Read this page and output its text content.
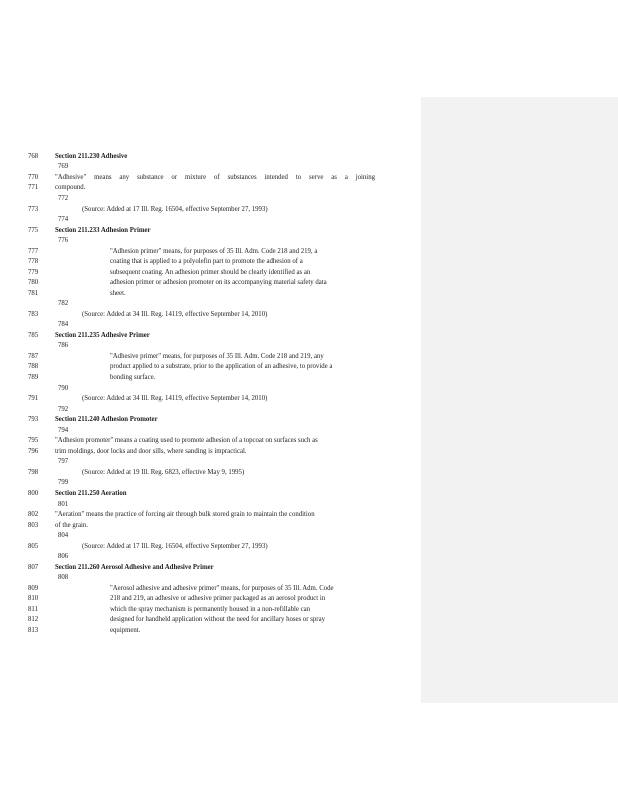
768	Section 211.230 Adhesive
769
770	"Adhesive" means any substance or mixture of substances intended to serve as a joining
771	compound.
772
773	(Source: Added at 17 Ill. Reg. 16504, effective September 27, 1993)
774
775	Section 211.233 Adhesion Primer
776
777	"Adhesion primer" means, for purposes of 35 Ill. Adm. Code 218 and 219, a
778	coating that is applied to a polyolefin part to promote the adhesion of a
779	subsequent coating. An adhesion primer should be clearly identified as an
780	adhesion primer or adhesion promoter on its accompanying material safety data
781	sheet.
782
783	(Source: Added at 34 Ill. Reg. 14119, effective September 14, 2010)
784
785	Section 211.235 Adhesive Primer
786
787	"Adhesive primer" means, for purposes of 35 Ill. Adm. Code 218 and 219, any
788	product applied to a substrate, prior to the application of an adhesive, to provide a
789	bonding surface.
790
791	(Source: Added at 34 Ill. Reg. 14119, effective September 14, 2010)
792
793	Section 211.240 Adhesion Promoter
794
795	"Adhesion promoter" means a coating used to promote adhesion of a topcoat on surfaces such as
796	trim moldings, door locks and door sills, where sanding is impractical.
797
798	(Source: Added at 19 Ill. Reg. 6823, effective May 9, 1995)
799
800	Section 211.250 Aeration
801
802	"Aeration" means the practice of forcing air through bulk stored grain to maintain the condition
803	of the grain.
804
805	(Source: Added at 17 Ill. Reg. 16504, effective September 27, 1993)
806
807	Section 211.260 Aerosol Adhesive and Adhesive Primer
808
809	"Aerosol adhesive and adhesive primer" means, for purposes of 35 Ill. Adm. Code
810	218 and 219, an adhesive or adhesive primer packaged as an aerosol product in
811	which the spray mechanism is permanently housed in a non-refillable can
812	designed for handheld application without the need for ancillary hoses or spray
813	equipment.
